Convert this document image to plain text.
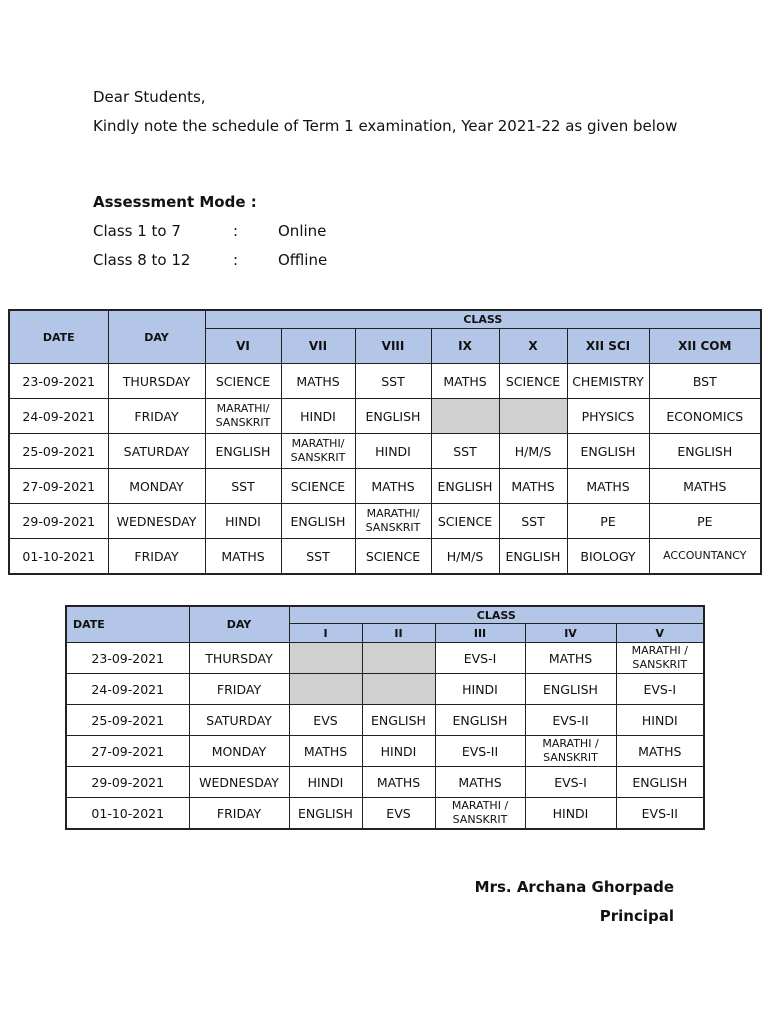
Dear Students,
Kindly note the schedule of Term 1 examination, Year 2021-22 as given below
Assessment Mode :
Class 1 to 7	:	Online
Class 8 to 12	:	Offline
DATE	DAY	CLASS						
		VI	VII	VIII	IX	X	XII SCI	XII COM
23-09-2021	THURSDAY	SCIENCE	MATHS	SST	MATHS	SCIENCE	CHEMISTRY	BST
24-09-2021	FRIDAY	MARATHI/ SANSKRIT	HINDI	ENGLISH			PHYSICS	ECONOMICS
25-09-2021	SATURDAY	ENGLISH	MARATHI/ SANSKRIT	HINDI	SST	H/M/S	ENGLISH	ENGLISH
27-09-2021	MONDAY	SST	SCIENCE	MATHS	ENGLISH	MATHS	MATHS	MATHS
29-09-2021	WEDNESDAY	HINDI	ENGLISH	MARATHI/ SANSKRIT	SCIENCE	SST	PE	PE
01-10-2021	FRIDAY	MATHS	SST	SCIENCE	H/M/S	ENGLISH	BIOLOGY	ACCOUNTANCY
DATE	DAY	CLASS				
		I	II	III	IV	V
23-09-2021	THURSDAY			EVS-I	MATHS	MARATHI / SANSKRIT
24-09-2021	FRIDAY			HINDI	ENGLISH	EVS-I
25-09-2021	SATURDAY	EVS	ENGLISH	ENGLISH	EVS-II	HINDI
27-09-2021	MONDAY	MATHS	HINDI	EVS-II	MARATHI / SANSKRIT	MATHS
29-09-2021	WEDNESDAY	HINDI	MATHS	MATHS	EVS-I	ENGLISH
01-10-2021	FRIDAY	ENGLISH	EVS	MARATHI / SANSKRIT	HINDI	EVS-II
Mrs. Archana Ghorpade
Principal
